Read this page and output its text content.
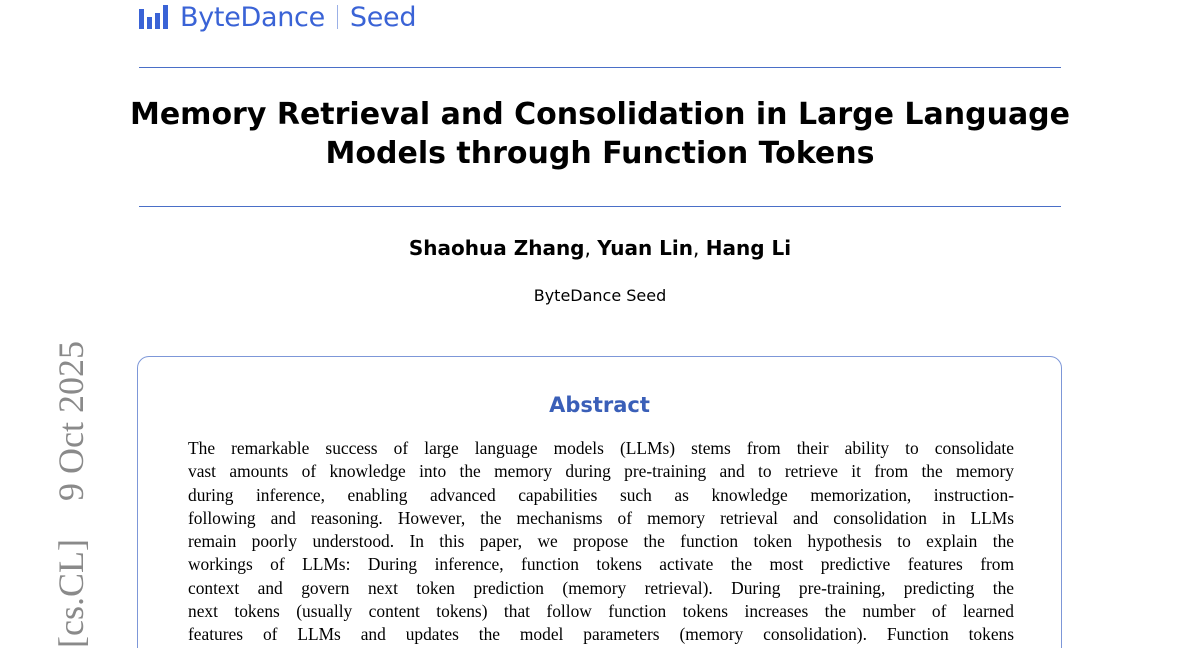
ByteDance Seed
Memory Retrieval and Consolidation in Large Language
Models through Function Tokens
Shaohua Zhang, Yuan Lin, Hang Li
ByteDance Seed
[cs.CL]  9 Oct 2025	Abstract
The remarkable success of large language models (LLMs) stems from their ability to consolidate
vast amounts of knowledge into the memory during pre-training and to retrieve it from the memory
during inference, enabling advanced capabilities such as knowledge memorization, instruction-
following and reasoning. However, the mechanisms of memory retrieval and consolidation in LLMs
remain poorly understood. In this paper, we propose the function token hypothesis to explain the
workings of LLMs: During inference, function tokens activate the most predictive features from
context and govern next token prediction (memory retrieval). During pre-training, predicting the
next tokens (usually content tokens) that follow function tokens increases the number of learned
features of LLMs and updates the model parameters (memory consolidation). Function tokens
